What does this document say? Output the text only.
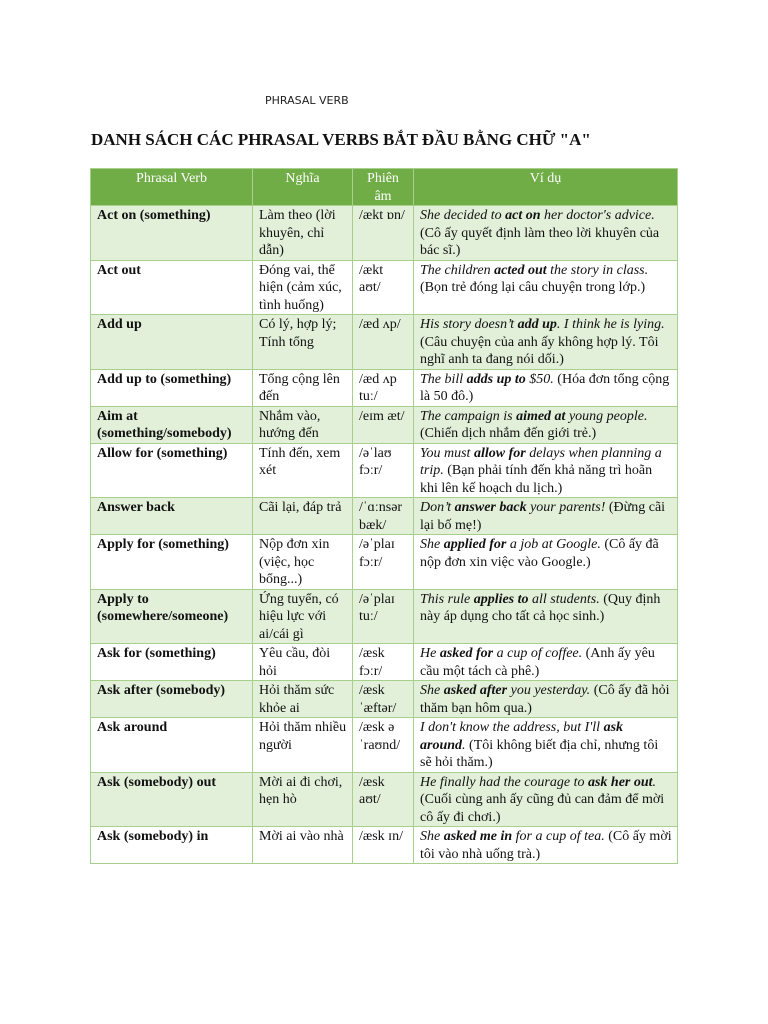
PHRASAL VERB
DANH SÁCH CÁC PHRASAL VERBS BẮT ĐẦU BẰNG CHỮ "A"
Phrasal Verb	Nghĩa	Phiên âm	Ví dụ
Act on (something)	Làm theo (lời khuyên, chỉ dẫn)	/ækt ɒn/	She decided to act on her doctor's advice. (Cô ấy quyết định làm theo lời khuyên của bác sĩ.)
Act out	Đóng vai, thể hiện (cảm xúc, tình huống)	/ækt aʊt/	The children acted out the story in class. (Bọn trẻ đóng lại câu chuyện trong lớp.)
Add up	Có lý, hợp lý; Tính tổng	/æd ʌp/	His story doesn’t add up. I think he is lying. (Câu chuyện của anh ấy không hợp lý. Tôi nghĩ anh ta đang nói dối.)
Add up to (something)	Tổng cộng lên đến	/æd ʌp tuː/	The bill adds up to $50. (Hóa đơn tổng cộng là 50 đô.)
Aim at (something/somebody)	Nhắm vào, hướng đến	/eɪm æt/	The campaign is aimed at young people. (Chiến dịch nhắm đến giới trẻ.)
Allow for (something)	Tính đến, xem xét	/əˈlaʊ fɔːr/	You must allow for delays when planning a trip. (Bạn phải tính đến khả năng trì hoãn khi lên kế hoạch du lịch.)
Answer back	Cãi lại, đáp trả	/ˈɑːnsər bæk/	Don’t answer back your parents! (Đừng cãi lại bố mẹ!)
Apply for (something)	Nộp đơn xin (việc, học bổng...)	/əˈplaɪ fɔːr/	She applied for a job at Google. (Cô ấy đã nộp đơn xin việc vào Google.)
Apply to (somewhere/someone)	Ứng tuyển, có hiệu lực với ai/cái gì	/əˈplaɪ tuː/	This rule applies to all students. (Quy định này áp dụng cho tất cả học sinh.)
Ask for (something)	Yêu cầu, đòi hỏi	/æsk fɔːr/	He asked for a cup of coffee. (Anh ấy yêu cầu một tách cà phê.)
Ask after (somebody)	Hỏi thăm sức khỏe ai	/æsk ˈæftər/	She asked after you yesterday. (Cô ấy đã hỏi thăm bạn hôm qua.)
Ask around	Hỏi thăm nhiều người	/æsk ə ˈraʊnd/	I don't know the address, but I'll ask around. (Tôi không biết địa chỉ, nhưng tôi sẽ hỏi thăm.)
Ask (somebody) out	Mời ai đi chơi, hẹn hò	/æsk aʊt/	He finally had the courage to ask her out. (Cuối cùng anh ấy cũng đủ can đảm để mời cô ấy đi chơi.)
Ask (somebody) in	Mời ai vào nhà	/æsk ɪn/	She asked me in for a cup of tea. (Cô ấy mời tôi vào nhà uống trà.)
